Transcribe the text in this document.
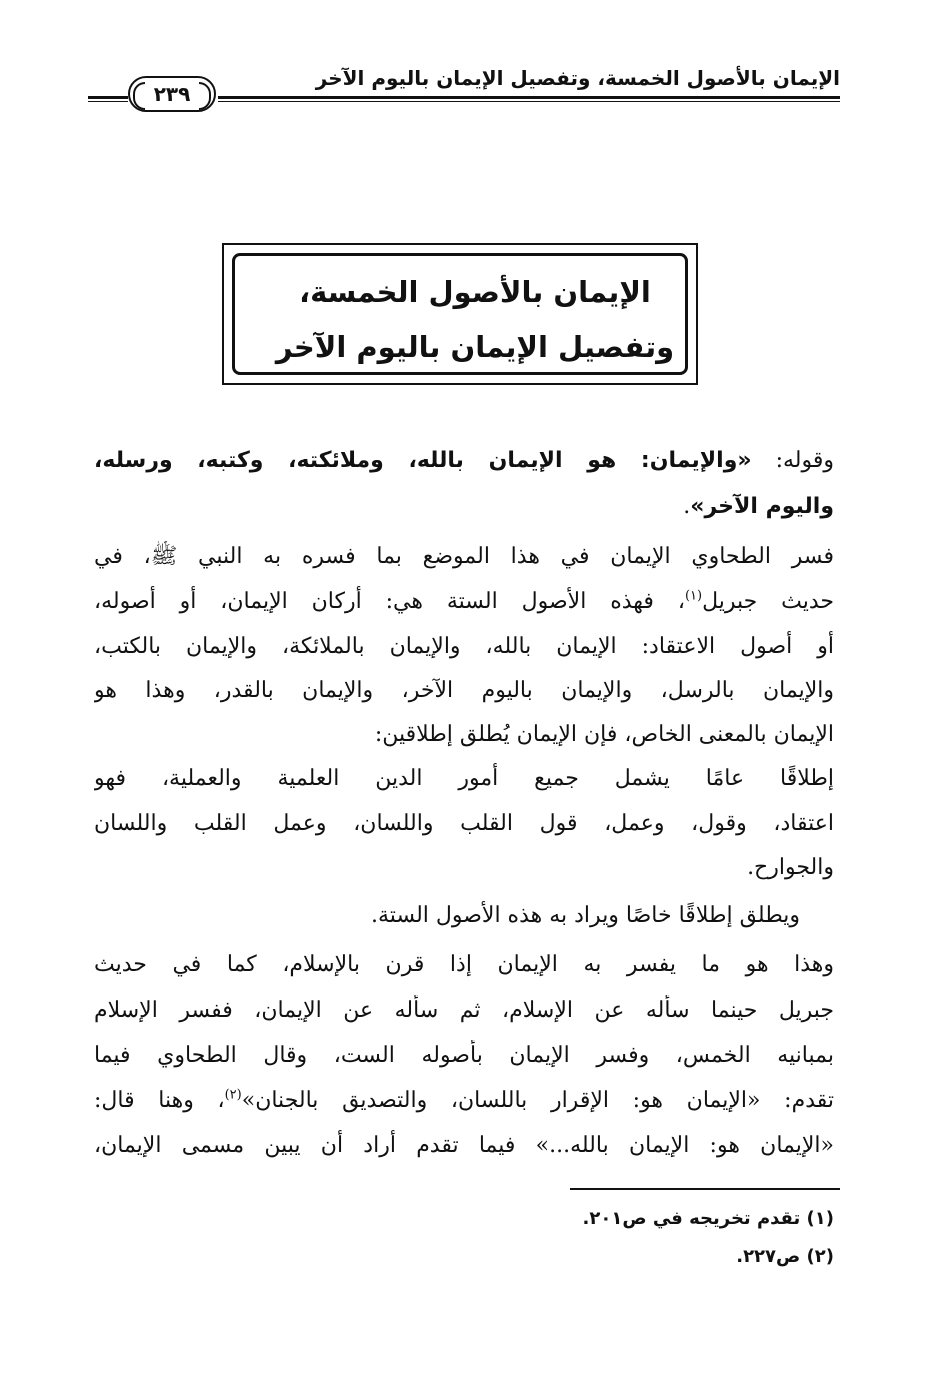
الإيمان بالأصول الخمسة، وتفصيل الإيمان باليوم الآخر
٢٣٩
الإيمان بالأصول الخمسة،
وتفصيل الإيمان باليوم الآخر
وقوله: «والإيمان: هو الإيمان بالله، وملائكته، وكتبه، ورسله،
واليوم الآخر».
فسر الطحاوي الإيمان في هذا الموضع بما فسره به النبي ﷺ، في
حديث جبريل$^{(١)}$، فهذه الأصول الستة هي: أركان الإيمان، أو أصوله،
أو أصول الاعتقاد: الإيمان بالله، والإيمان بالملائكة، والإيمان بالكتب،
والإيمان بالرسل، والإيمان باليوم الآخر، والإيمان بالقدر، وهذا هو
الإيمان بالمعنى الخاص، فإن الإيمان يُطلق إطلاقين:
إطلاقًا عامًا يشمل جميع أمور الدين العلمية والعملية، فهو
اعتقاد، وقول، وعمل، قول القلب واللسان، وعمل القلب واللسان
والجوارح.
ويطلق إطلاقًا خاصًا ويراد به هذه الأصول الستة.
وهذا هو ما يفسر به الإيمان إذا قرن بالإسلام، كما في حديث
جبريل حينما سأله عن الإسلام، ثم سأله عن الإيمان، ففسر الإسلام
بمبانيه الخمس، وفسر الإيمان بأصوله الست، وقال الطحاوي فيما
تقدم: «الإيمان هو: الإقرار باللسان، والتصديق بالجنان»$^{(٢)}$، وهنا قال:
«الإيمان هو: الإيمان بالله...» فيما تقدم أراد أن يبين مسمى الإيمان،
(١) تقدم تخريجه في ص٢٠١.
(٢) ص٢٢٧.
